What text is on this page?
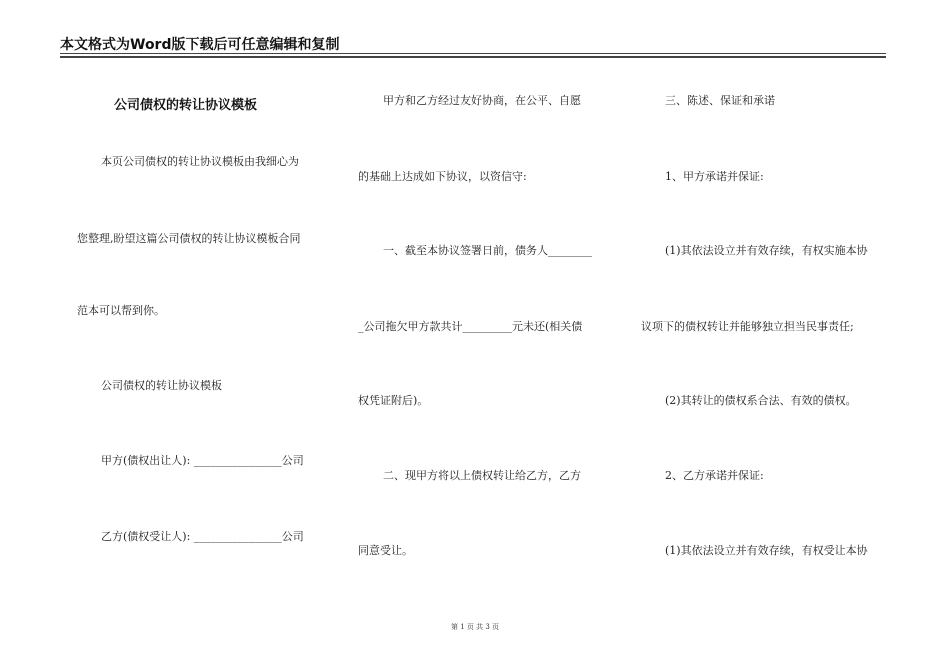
本文格式为Word版下载后可任意编辑和复制
公司债权的转让协议模板
本页公司债权的转让协议模板由我细心为
您整理,盼望这篇公司债权的转让协议模板合同
范本可以帮到你。
公司债权的转让协议模板
甲方(债权出让人): ________________公司
乙方(债权受让人): ________________公司
甲方和乙方经过友好协商，在公平、自愿
的基础上达成如下协议，以资信守:
一、截至本协议签署日前，债务人________
_公司拖欠甲方款共计_________元未还(相关债
权凭证附后)。
二、现甲方将以上债权转让给乙方，乙方
同意受让。
三、陈述、保证和承诺
1、甲方承诺并保证:
(1)其依法设立并有效存续，有权实施本协
议项下的债权转让并能够独立担当民事责任;
(2)其转让的债权系合法、有效的债权。
2、乙方承诺并保证:
(1)其依法设立并有效存续，有权受让本协
第 1 页 共 3 页
